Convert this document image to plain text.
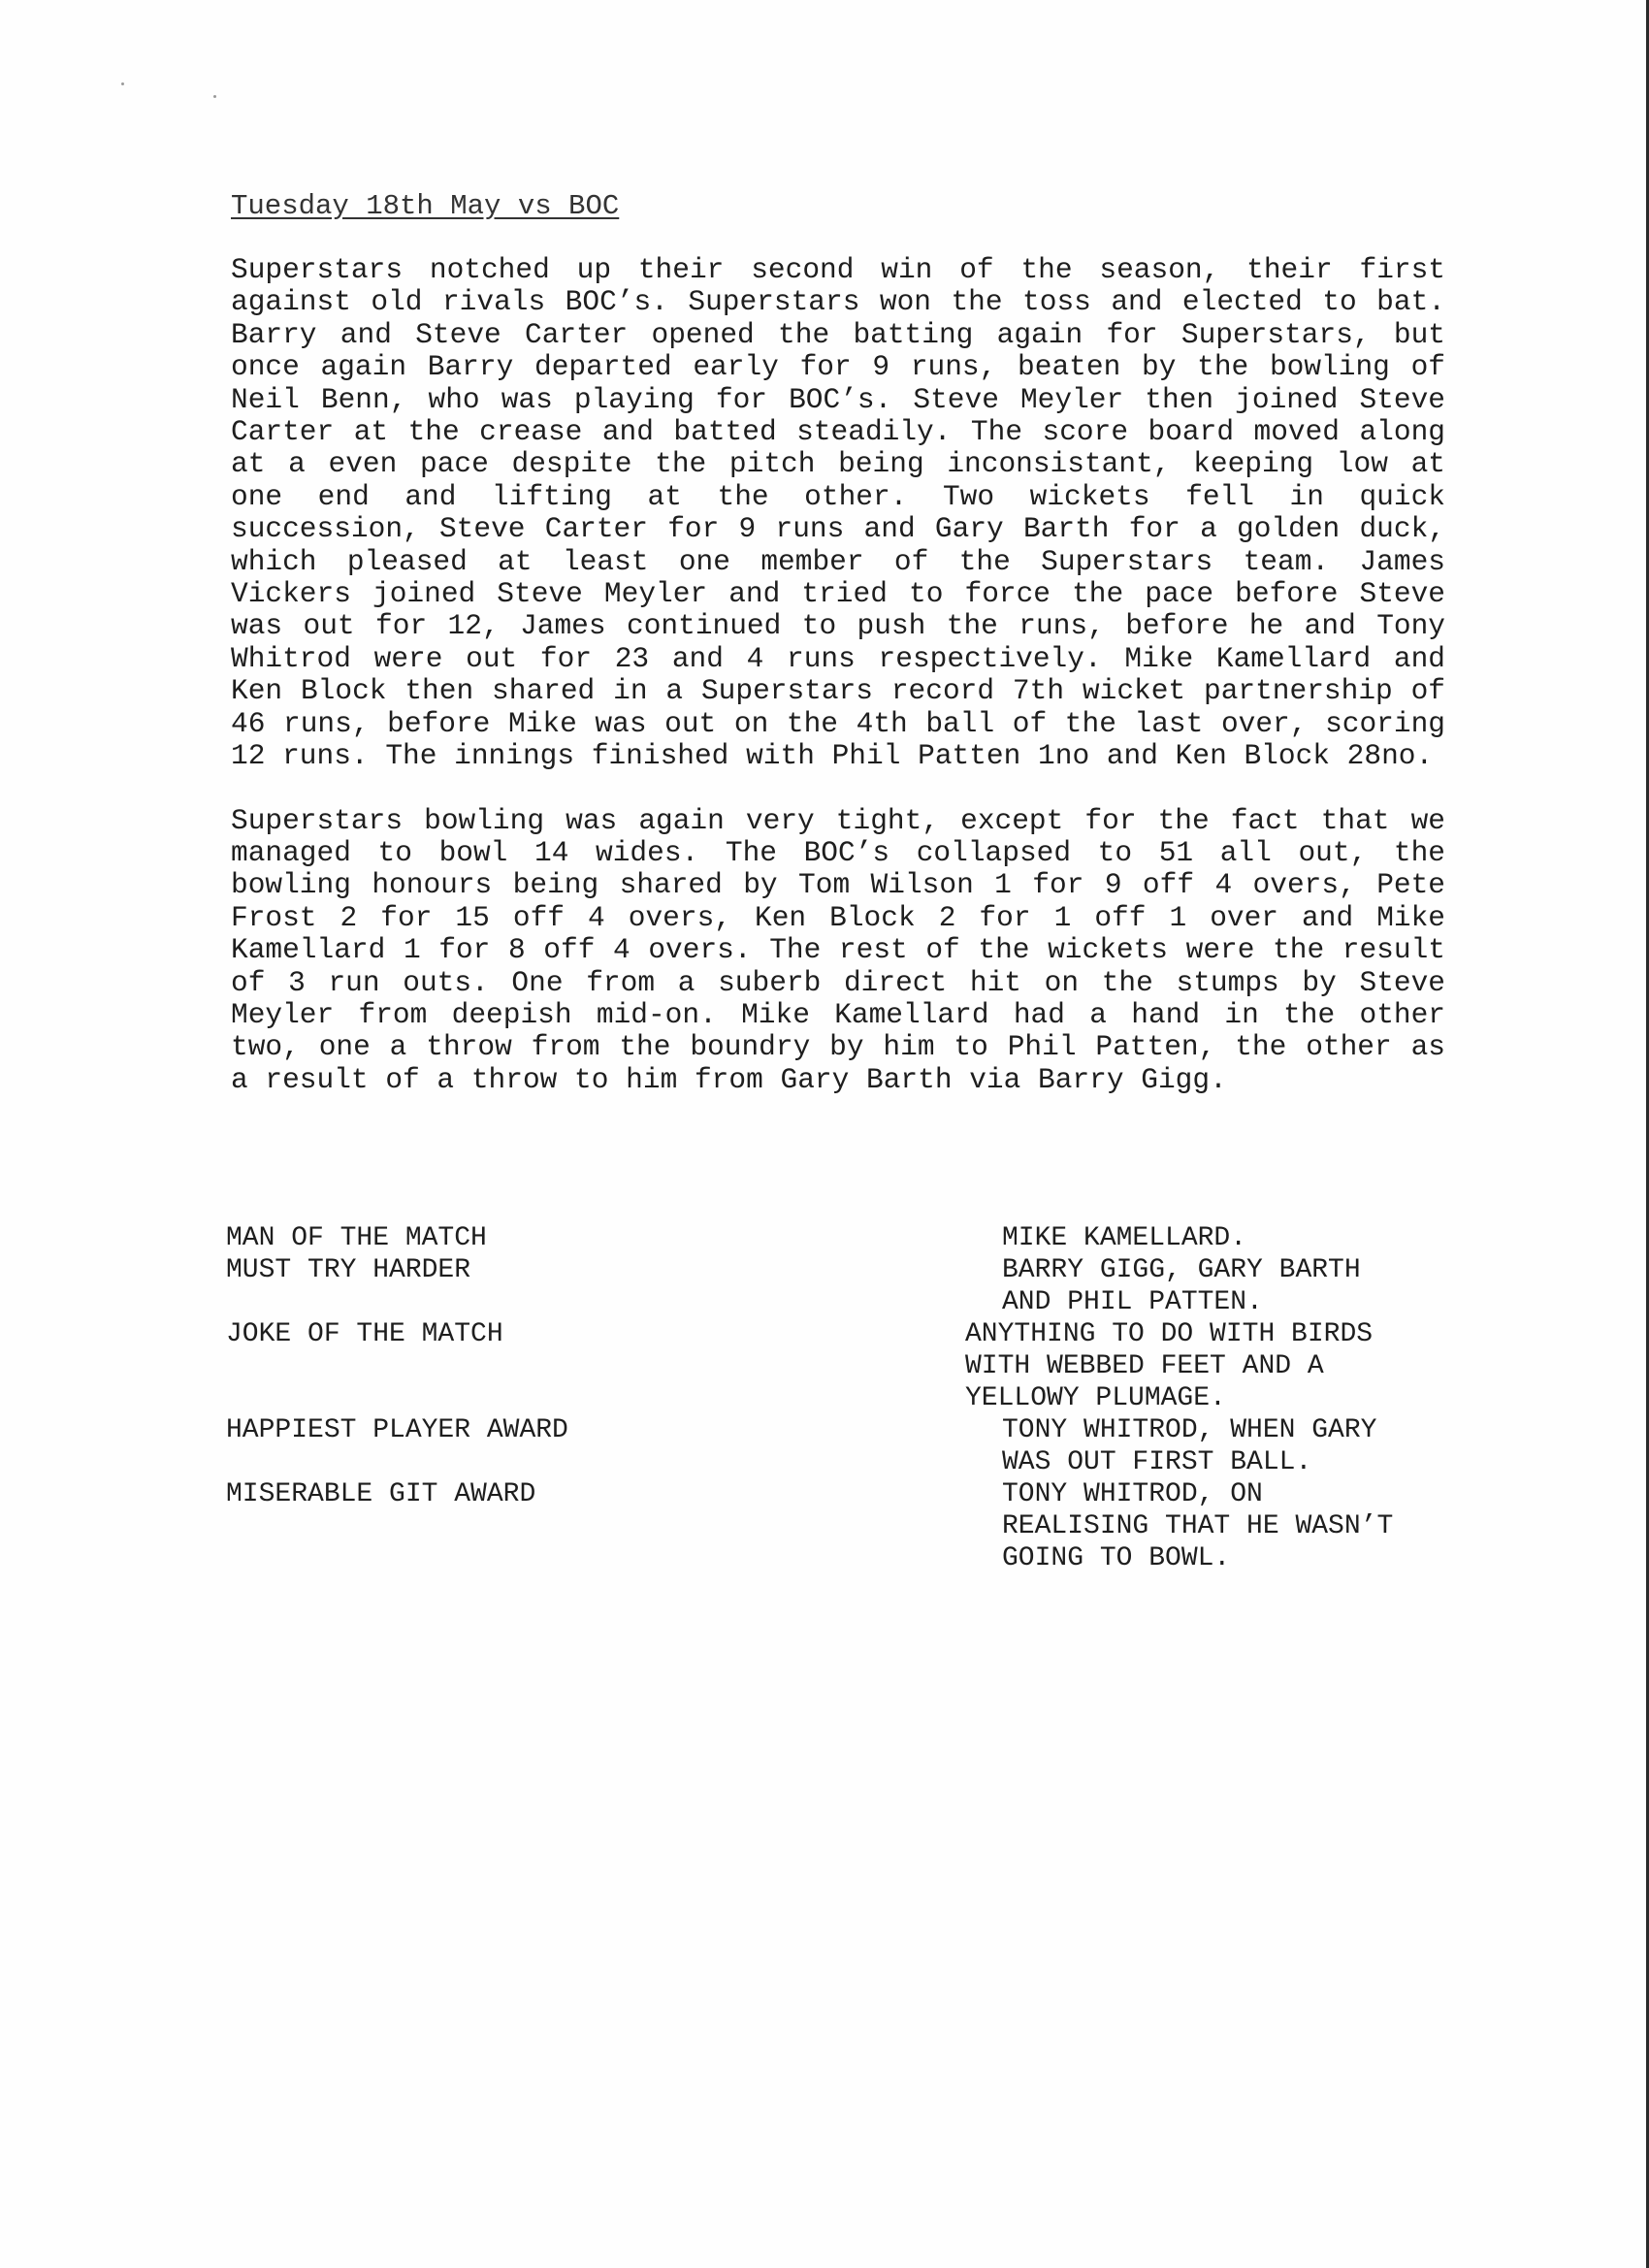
Tuesday 18th May vs BOC

Superstars notched up their second win of the season, their first against old rivals BOC’s. Superstars won the toss and elected to bat. Barry and Steve Carter opened the batting again for Superstars, but once again Barry departed early for 9 runs, beaten by the bowling of Neil Benn, who was playing for BOC’s. Steve Meyler then joined Steve Carter at the crease and batted steadily. The score board moved along at a even pace despite the pitch being inconsistant, keeping low at one end and lifting at the other. Two wickets fell in quick succession, Steve Carter for 9 runs and Gary Barth for a golden duck, which pleased at least one member of the Superstars team. James Vickers joined Steve Meyler and tried to force the pace before Steve was out for 12, James continued to push the runs, before he and Tony Whitrod were out for 23 and 4 runs respectively. Mike Kamellard and Ken Block then shared in a Superstars record 7th wicket partnership of 46 runs, before Mike was out on the 4th ball of the last over, scoring 12 runs. The innings finished with Phil Patten 1no and Ken Block 28no.

Superstars bowling was again very tight, except for the fact that we managed to bowl 14 wides. The BOC’s collapsed to 51 all out, the bowling honours being shared by Tom Wilson 1 for 9 off 4 overs, Pete Frost 2 for 15 off 4 overs, Ken Block 2 for 1 off 1 over and Mike Kamellard 1 for 8 off 4 overs. The rest of the wickets were the result of 3 run outs. One from a suberb direct hit on the stumps by Steve Meyler from deepish mid-on. Mike Kamellard had a hand in the other two, one a throw from the boundry by him to Phil Patten, the other as a result of a throw to him from Gary Barth via Barry Gigg.

MAN OF THE MATCH	MIKE KAMELLARD.
MUST TRY HARDER	BARRY GIGG, GARY BARTH
AND PHIL PATTEN.
JOKE OF THE MATCH	ANYTHING TO DO WITH BIRDS
WITH WEBBED FEET AND A
YELLOWY PLUMAGE.
HAPPIEST PLAYER AWARD	TONY WHITROD, WHEN GARY
WAS OUT FIRST BALL.
MISERABLE GIT AWARD	TONY WHITROD, ON
REALISING THAT HE WASN’T
GOING TO BOWL.
